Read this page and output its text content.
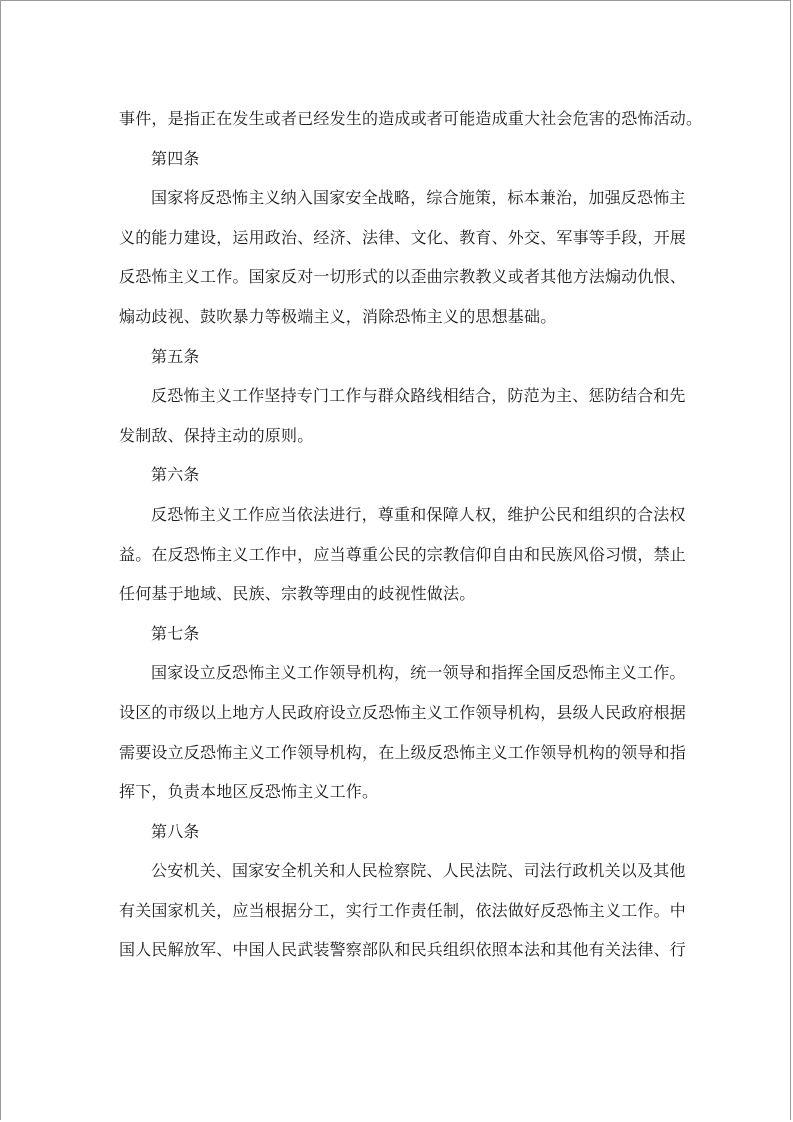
事件，是指正在发生或者已经发生的造成或者可能造成重大社会危害的恐怖活动。
第四条
国家将反恐怖主义纳入国家安全战略，综合施策，标本兼治，加强反恐怖主
义的能力建设，运用政治、经济、法律、文化、教育、外交、军事等手段，开展
反恐怖主义工作。国家反对一切形式的以歪曲宗教教义或者其他方法煽动仇恨、
煽动歧视、鼓吹暴力等极端主义，消除恐怖主义的思想基础。
第五条
反恐怖主义工作坚持专门工作与群众路线相结合，防范为主、惩防结合和先
发制敌、保持主动的原则。
第六条
反恐怖主义工作应当依法进行，尊重和保障人权，维护公民和组织的合法权
益。在反恐怖主义工作中，应当尊重公民的宗教信仰自由和民族风俗习惯，禁止
任何基于地域、民族、宗教等理由的歧视性做法。
第七条
国家设立反恐怖主义工作领导机构，统一领导和指挥全国反恐怖主义工作。
设区的市级以上地方人民政府设立反恐怖主义工作领导机构，县级人民政府根据
需要设立反恐怖主义工作领导机构，在上级反恐怖主义工作领导机构的领导和指
挥下，负责本地区反恐怖主义工作。
第八条
公安机关、国家安全机关和人民检察院、人民法院、司法行政机关以及其他
有关国家机关，应当根据分工，实行工作责任制，依法做好反恐怖主义工作。中
国人民解放军、中国人民武装警察部队和民兵组织依照本法和其他有关法律、行
